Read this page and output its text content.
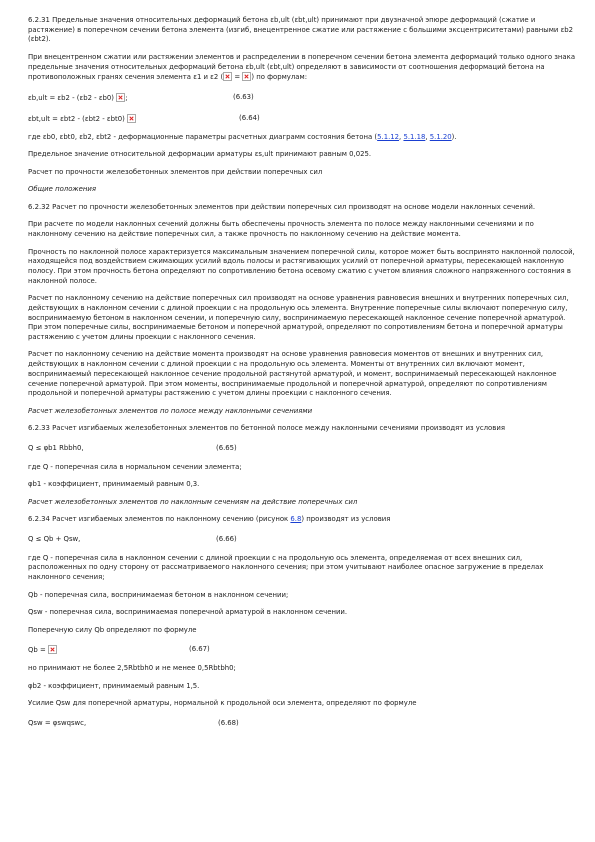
6.2.31 Предельные значения относительных деформаций бетона εb,ult (εbt,ult) принимают при двузначной эпюре деформаций (сжатие и растяжение) в поперечном сечении бетона элемента (изгиб, внецентренное сжатие или растяжение с большими эксцентриситетами) равными εb2 (εbt2).

При внецентренном сжатии или растяжении элементов и распределении в поперечном сечении бетона элемента деформаций только одного знака предельные значения относительных деформаций бетона εb,ult (εbt,ult) определяют в зависимости от соотношения деформаций бетона на противоположных гранях сечения элемента ε1 и ε2 ( = ) по формулам:

εb,ult = εb2 - (εb2 - εb0) ;	(6.63)
εbt,ult = εbt2 - (εbt2 - εbt0)	(6.64)

где εb0, εbt0, εb2, εbt2 - деформационные параметры расчетных диаграмм состояния бетона (5.1.12, 5.1.18, 5.1.20).

Предельное значение относительной деформации арматуры εs,ult принимают равным 0,025.

Расчет по прочности железобетонных элементов при действии поперечных сил

Общие положения

6.2.32 Расчет по прочности железобетонных элементов при действии поперечных сил производят на основе модели наклонных сечений.

При расчете по модели наклонных сечений должны быть обеспечены прочность элемента по полосе между наклонными сечениями и по наклонному сечению на действие поперечных сил, а также прочность по наклонному сечению на действие момента.

Прочность по наклонной полосе характеризуется максимальным значением поперечной силы, которое может быть воспринято наклонной полосой, находящейся под воздействием сжимающих усилий вдоль полосы и растягивающих усилий от поперечной арматуры, пересекающей наклонную полосу. При этом прочность бетона определяют по сопротивлению бетона осевому сжатию с учетом влияния сложного напряженного состояния в наклонной полосе.

Расчет по наклонному сечению на действие поперечных сил производят на основе уравнения равновесия внешних и внутренних поперечных сил, действующих в наклонном сечении с длиной проекции с на продольную ось элемента. Внутренние поперечные силы включают поперечную силу, воспринимаемую бетоном в наклонном сечении, и поперечную силу, воспринимаемую пересекающей наклонное сечение поперечной арматурой. При этом поперечные силы, воспринимаемые бетоном и поперечной арматурой, определяют по сопротивлениям бетона и поперечной арматуры растяжению с учетом длины проекции с наклонного сечения.

Расчет по наклонному сечению на действие момента производят на основе уравнения равновесия моментов от внешних и внутренних сил, действующих в наклонном сечении с длиной проекции с на продольную ось элемента. Моменты от внутренних сил включают момент, воспринимаемый пересекающей наклонное сечение продольной растянутой арматурой, и момент, воспринимаемый пересекающей наклонное сечение поперечной арматурой. При этом моменты, воспринимаемые продольной и поперечной арматурой, определяют по сопротивлениям продольной и поперечной арматуры растяжению с учетом длины проекции с наклонного сечения.

Расчет железобетонных элементов по полосе между наклонными сечениями

6.2.33 Расчет изгибаемых железобетонных элементов по бетонной полосе между наклонными сечениями производят из условия

Q ≤ φb1 Rbbh0,	(6.65)

где Q - поперечная сила в нормальном сечении элемента;

φb1 - коэффициент, принимаемый равным 0,3.

Расчет железобетонных элементов по наклонным сечениям на действие поперечных сил

6.2.34 Расчет изгибаемых элементов по наклонному сечению (рисунок 6.8) производят из условия

Q ≤ Qb + Qsw,	(6.66)

где Q - поперечная сила в наклонном сечении с длиной проекции с на продольную ось элемента, определяемая от всех внешних сил, расположенных по одну сторону от рассматриваемого наклонного сечения; при этом учитывают наиболее опасное загружение в пределах наклонного сечения;

Qb - поперечная сила, воспринимаемая бетоном в наклонном сечении;

Qsw - поперечная сила, воспринимаемая поперечной арматурой в наклонном сечении.

Поперечную силу Qb определяют по формуле

Qb =	(6.67)

но принимают не более 2,5Rbtbh0 и не менее 0,5Rbtbh0;

φb2 - коэффициент, принимаемый равным 1,5.

Усилие Qsw для поперечной арматуры, нормальной к продольной оси элемента, определяют по формуле

Qsw = φswqswc,	(6.68)
